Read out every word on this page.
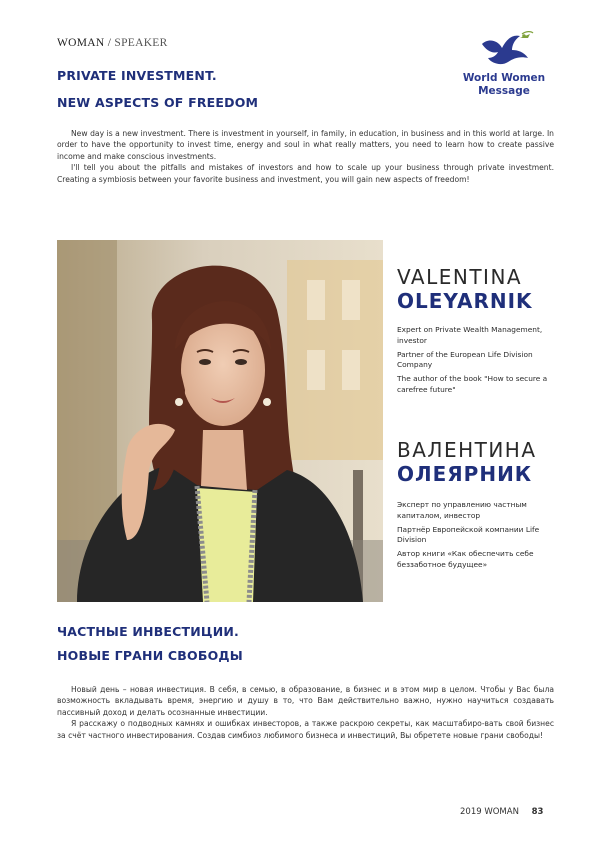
WOMAN / SPEAKER
World Women
Message
PRIVATE INVESTMENT.
NEW ASPECTS OF FREEDOM

New day is a new investment. There is investment in yourself, in family, in education, in business and in this world at large. In order to have the opportunity to invest time, energy and soul in what really matters, you need to learn how to create passive income and make conscious investments.

I'll tell you about the pitfalls and mistakes of investors and how to scale up your business through private investment. Creating a symbiosis between your favorite business and investment, you will gain new aspects of freedom!

VALENTINA
OLEYARNIK
Expert on Private Wealth Management, investor
Partner of the European Life Division Company
The author of the book "How to secure a carefree future"
ВАЛЕНТИНА
ОЛЕЯРНИК
Эксперт по управлению частным капиталом, инвестор
Партнёр Европейской компании Life Division
Автор книги «Как обеспечить себе беззаботное будущее»
ЧАСТНЫЕ ИНВЕСТИЦИИ.
НОВЫЕ ГРАНИ СВОБОДЫ

Новый день – новая инвестиция. В себя, в семью, в образование, в бизнес и в этом мир в целом. Чтобы у Вас была возможность вкладывать время, энергию и душу в то, что Вам действительно важно, нужно научиться создавать пассивный доход и делать осознанные инвестиции.

Я расскажу о подводных камнях и ошибках инвесторов, а также раскрою секреты, как масштабиро-вать свой бизнес за счёт частного инвестирования. Создав симбиоз любимого бизнеса и инвестиций, Вы обретете новые грани свободы!

2019 WOMAN 83
